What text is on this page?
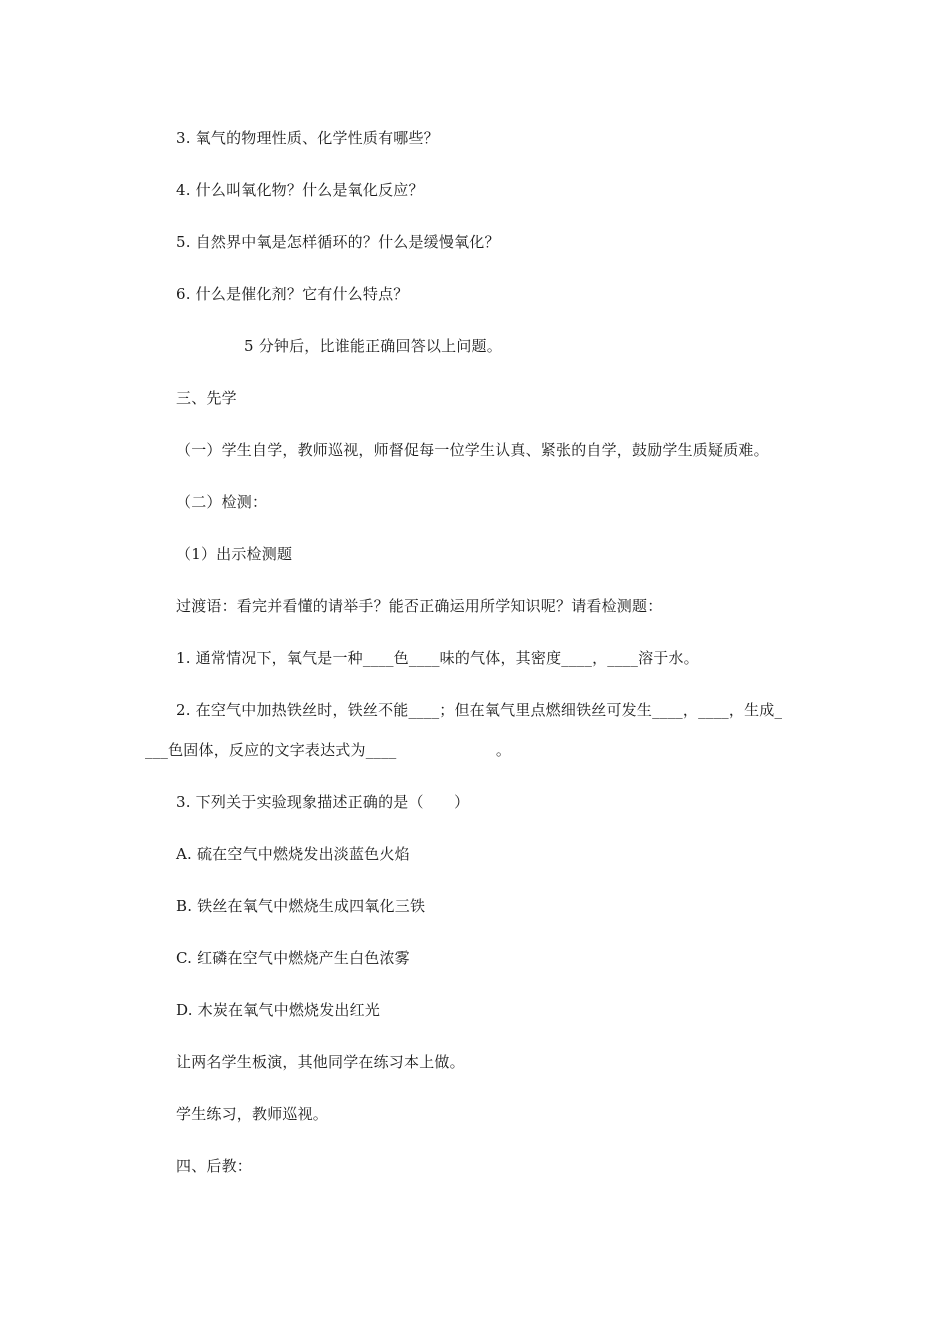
3. 氧气的物理性质、化学性质有哪些？
4. 什么叫氧化物？什么是氧化反应？
5. 自然界中氧是怎样循环的？什么是缓慢氧化？
6. 什么是催化剂？它有什么特点？
5 分钟后，比谁能正确回答以上问题。
三、先学
（一）学生自学，教师巡视，师督促每一位学生认真、紧张的自学，鼓励学生质疑质难。
（二）检测：
（1）出示检测题
过渡语：看完并看懂的请举手？能否正确运用所学知识呢？请看检测题：
1. 通常情况下，氧气是一种____色____味的气体，其密度____，____溶于水。
2. 在空气中加热铁丝时，铁丝不能____；但在氧气里点燃细铁丝可发生____，____，生成_
___色固体，反应的文字表达式为____                    。
3. 下列关于实验现象描述正确的是（　　）
A. 硫在空气中燃烧发出淡蓝色火焰
B. 铁丝在氧气中燃烧生成四氧化三铁
C. 红磷在空气中燃烧产生白色浓雾
D. 木炭在氧气中燃烧发出红光
让两名学生板演，其他同学在练习本上做。
学生练习，教师巡视。
四、后教：
